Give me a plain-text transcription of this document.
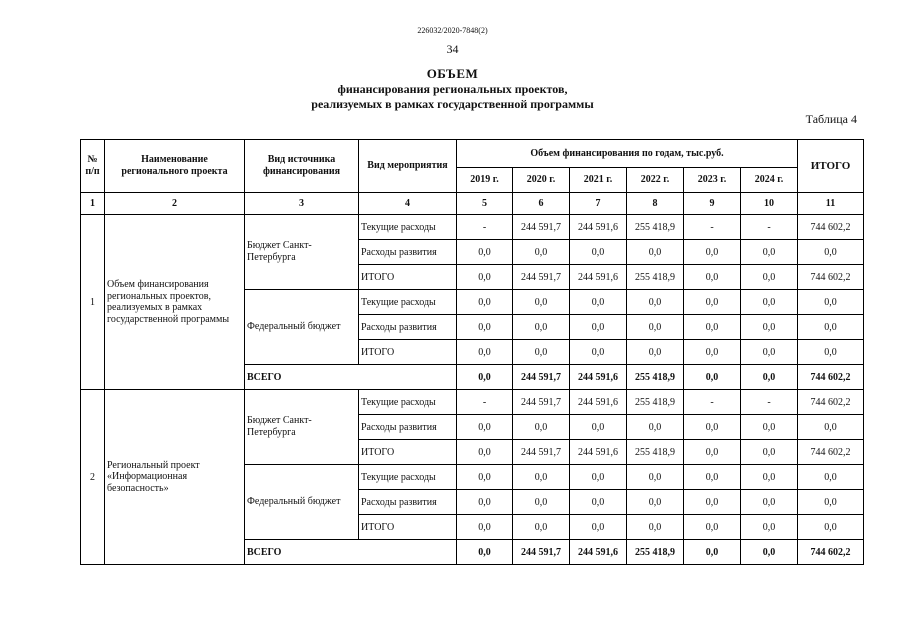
226032/2020-7848(2)
34
ОБЪЕМ
финансирования региональных проектов,
реализуемых в рамках государственной программы
Таблица 4
№ п/п	Наименование регионального проекта	Вид источника финансирования	Вид мероприятия	Объем финансирования по годам, тыс.руб.						ИТОГО
				2019 г.	2020 г.	2021 г.	2022 г.	2023 г.	2024 г.	
1	2	3	4	5	6	7	8	9	10	11
1	Объем финансирования региональных проектов, реализуемых в рамках государственной программы	Бюджет Санкт-Петербурга	Текущие расходы	-	244 591,7	244 591,6	255 418,9	-	-	744 602,2
			Расходы развития	0,0	0,0	0,0	0,0	0,0	0,0	0,0
			ИТОГО	0,0	244 591,7	244 591,6	255 418,9	0,0	0,0	744 602,2
		Федеральный бюджет	Текущие расходы	0,0	0,0	0,0	0,0	0,0	0,0	0,0
			Расходы развития	0,0	0,0	0,0	0,0	0,0	0,0	0,0
			ИТОГО	0,0	0,0	0,0	0,0	0,0	0,0	0,0
		ВСЕГО		0,0	244 591,7	244 591,6	255 418,9	0,0	0,0	744 602,2
2	Региональный проект «Информационная безопасность»	Бюджет Санкт-Петербурга	Текущие расходы	-	244 591,7	244 591,6	255 418,9	-	-	744 602,2
			Расходы развития	0,0	0,0	0,0	0,0	0,0	0,0	0,0
			ИТОГО	0,0	244 591,7	244 591,6	255 418,9	0,0	0,0	744 602,2
		Федеральный бюджет	Текущие расходы	0,0	0,0	0,0	0,0	0,0	0,0	0,0
			Расходы развития	0,0	0,0	0,0	0,0	0,0	0,0	0,0
			ИТОГО	0,0	0,0	0,0	0,0	0,0	0,0	0,0
		ВСЕГО		0,0	244 591,7	244 591,6	255 418,9	0,0	0,0	744 602,2
